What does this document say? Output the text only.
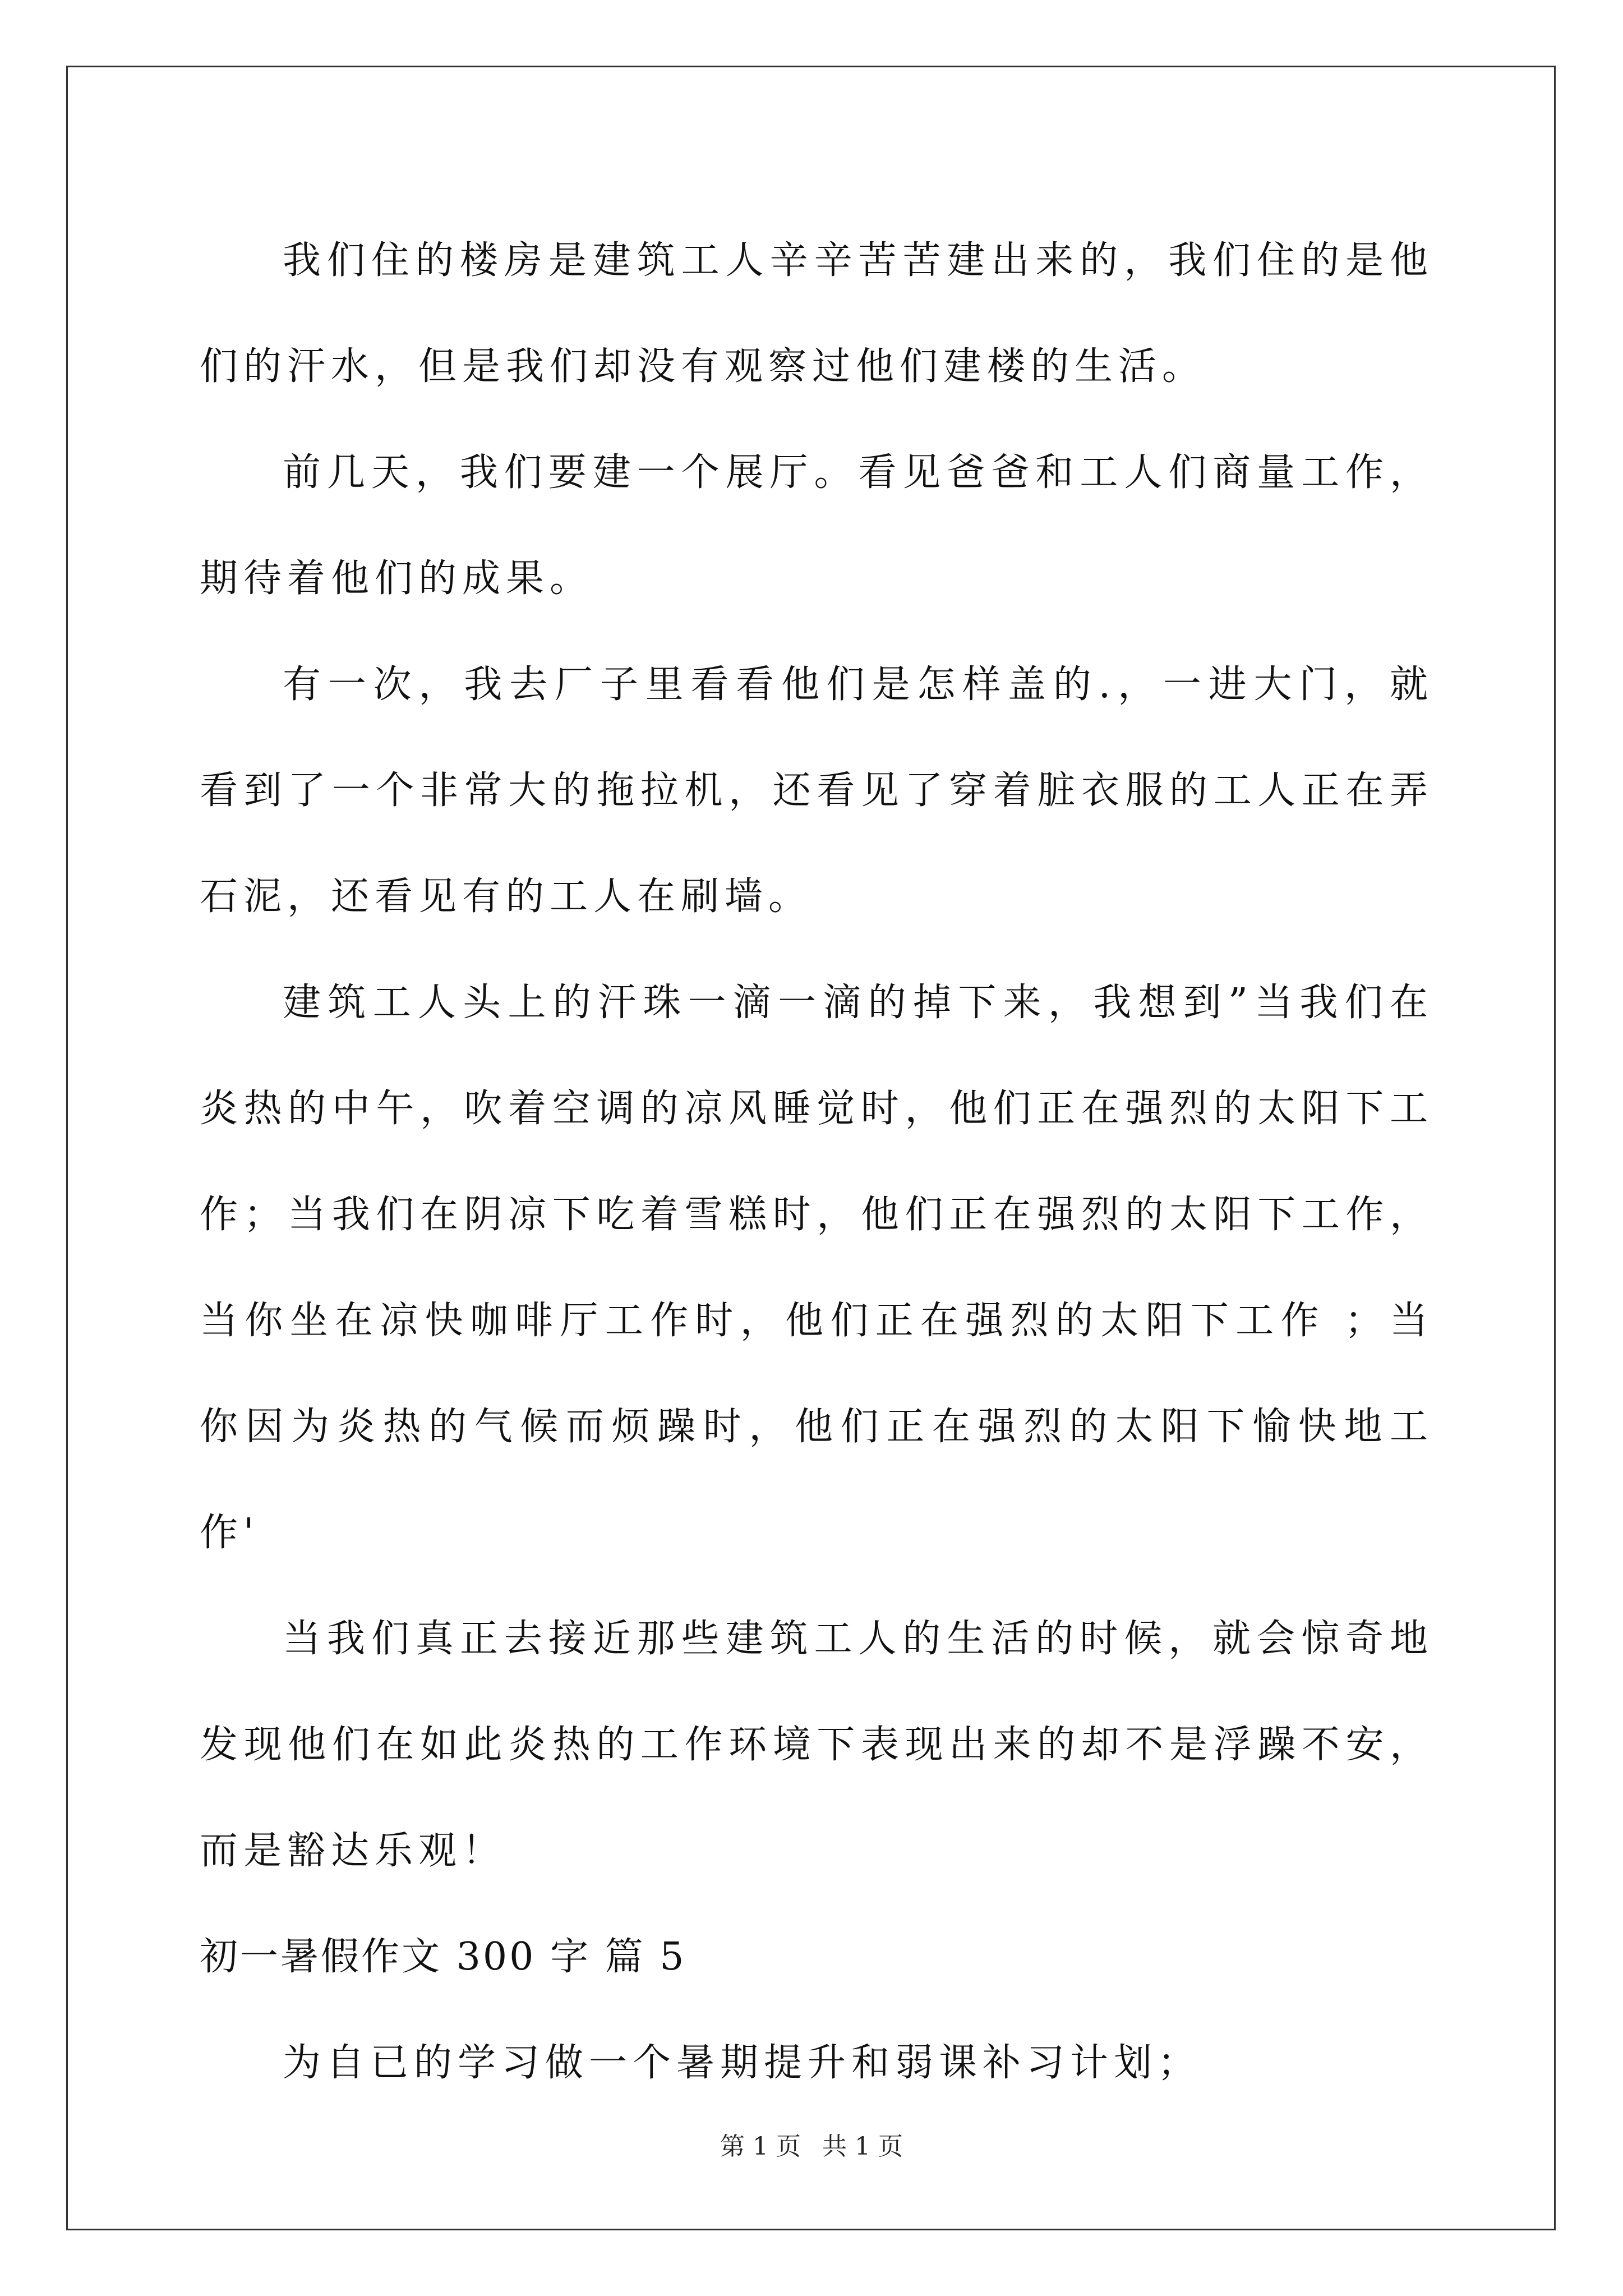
我们住的楼房是建筑工人辛辛苦苦建出来的，我们住的是他们的汗水，但是我们却没有观察过他们建楼的生活。

前几天，我们要建一个展厅。看见爸爸和工人们商量工作，期待着他们的成果。

有一次，我去厂子里看看他们是怎样盖的.，一进大门，就看到了一个非常大的拖拉机，还看见了穿着脏衣服的工人正在弄石泥，还看见有的工人在刷墙。

建筑工人头上的汗珠一滴一滴的掉下来，我想到”当我们在炎热的中午，吹着空调的凉风睡觉时，他们正在强烈的太阳下工作；当我们在阴凉下吃着雪糕时，他们正在强烈的太阳下工作，当你坐在凉快咖啡厅工作时，他们正在强烈的太阳下工作 ；当你因为炎热的气候而烦躁时，他们正在强烈的太阳下愉快地工作'

当我们真正去接近那些建筑工人的生活的时候，就会惊奇地发现他们在如此炎热的工作环境下表现出来的却不是浮躁不安，而是豁达乐观！

初一暑假作文 300 字 篇 5

为自已的学习做一个暑期提升和弱课补习计划；

第 1 页 共 1 页
